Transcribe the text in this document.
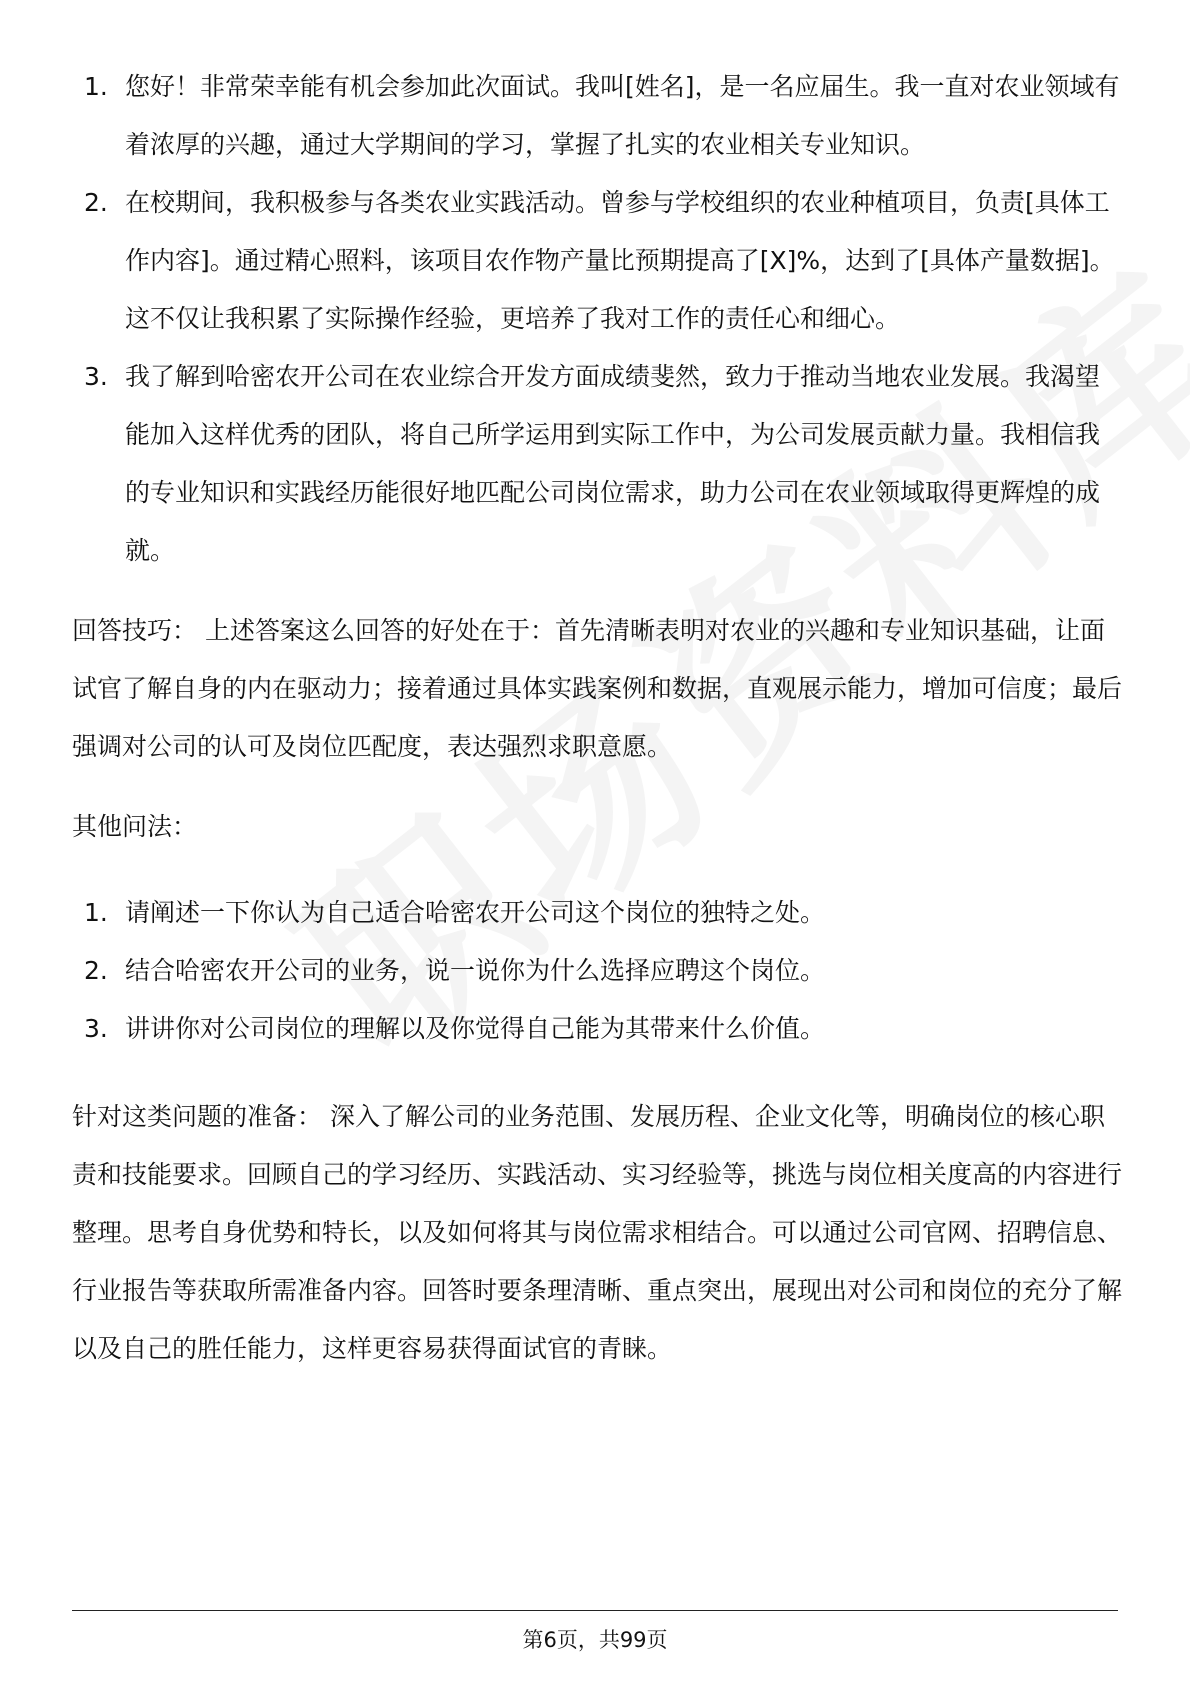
1. 您好！非常荣幸能有机会参加此次面试。我叫[姓名]，是一名应届生。我一直对农业领域有着浓厚的兴趣，通过大学期间的学习，掌握了扎实的农业相关专业知识。
2. 在校期间，我积极参与各类农业实践活动。曾参与学校组织的农业种植项目，负责[具体工作内容]。通过精心照料，该项目农作物产量比预期提高了[X]%，达到了[具体产量数据]。这不仅让我积累了实际操作经验，更培养了我对工作的责任心和细心。
3. 我了解到哈密农开公司在农业综合开发方面成绩斐然，致力于推动当地农业发展。我渴望能加入这样优秀的团队，将自己所学运用到实际工作中，为公司发展贡献力量。我相信我的专业知识和实践经历能很好地匹配公司岗位需求，助力公司在农业领域取得更辉煌的成就。

回答技巧： 上述答案这么回答的好处在于：首先清晰表明对农业的兴趣和专业知识基础，让面试官了解自身的内在驱动力；接着通过具体实践案例和数据，直观展示能力，增加可信度；最后强调对公司的认可及岗位匹配度，表达强烈求职意愿。

其他问法：

1. 请阐述一下你认为自己适合哈密农开公司这个岗位的独特之处。
2. 结合哈密农开公司的业务，说一说你为什么选择应聘这个岗位。
3. 讲讲你对公司岗位的理解以及你觉得自己能为其带来什么价值。

针对这类问题的准备： 深入了解公司的业务范围、发展历程、企业文化等，明确岗位的核心职责和技能要求。回顾自己的学习经历、实践活动、实习经验等，挑选与岗位相关度高的内容进行整理。思考自身优势和特长，以及如何将其与岗位需求相结合。可以通过公司官网、招聘信息、行业报告等获取所需准备内容。回答时要条理清晰、重点突出，展现出对公司和岗位的充分了解以及自己的胜任能力，这样更容易获得面试官的青睐。

第6页，共99页
